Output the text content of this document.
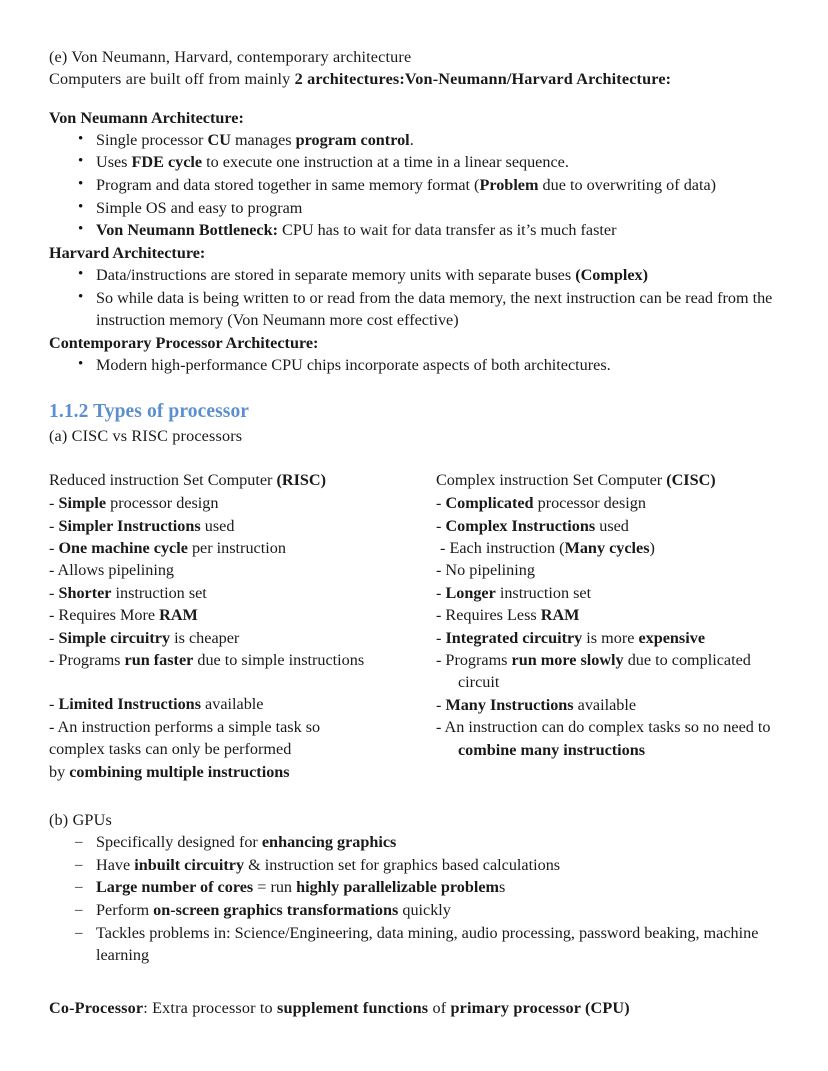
(e) Von Neumann, Harvard, contemporary architecture
Computers are built off from mainly 2 architectures:Von-Neumann/Harvard Architecture:
Von Neumann Architecture:
• Single processor CU manages program control.
• Uses FDE cycle to execute one instruction at a time in a linear sequence.
• Program and data stored together in same memory format (Problem due to overwriting of data)
• Simple OS and easy to program
• Von Neumann Bottleneck: CPU has to wait for data transfer as it’s much faster
Harvard Architecture:
• Data/instructions are stored in separate memory units with separate buses (Complex)
• So while data is being written to or read from the data memory, the next instruction can be read from the instruction memory (Von Neumann more cost effective)
Contemporary Processor Architecture:
• Modern high-performance CPU chips incorporate aspects of both architectures.
1.1.2 Types of processor
(a) CISC vs RISC processors
Reduced instruction Set Computer (RISC)
- Simple processor design
- Simpler Instructions used
- One machine cycle per instruction
- Allows pipelining
- Shorter instruction set
- Requires More RAM
- Simple circuitry is cheaper
- Programs run faster due to simple instructions
- Limited Instructions available
- An instruction performs a simple task so
complex tasks can only be performed
by combining multiple instructions
Complex instruction Set Computer (CISC)
- Complicated processor design
- Complex Instructions used
- Each instruction (Many cycles)
- No pipelining
- Longer instruction set
- Requires Less RAM
- Integrated circuitry is more expensive
- Programs run more slowly due to complicated circuit
- Many Instructions available
- An instruction can do complex tasks so no need to combine many instructions
(b) GPUs
– Specifically designed for enhancing graphics
– Have inbuilt circuitry & instruction set for graphics based calculations
– Large number of cores = run highly parallelizable problems
– Perform on-screen graphics transformations quickly
– Tackles problems in: Science/Engineering, data mining, audio processing, password beaking, machine learning
Co-Processor: Extra processor to supplement functions of primary processor (CPU)
